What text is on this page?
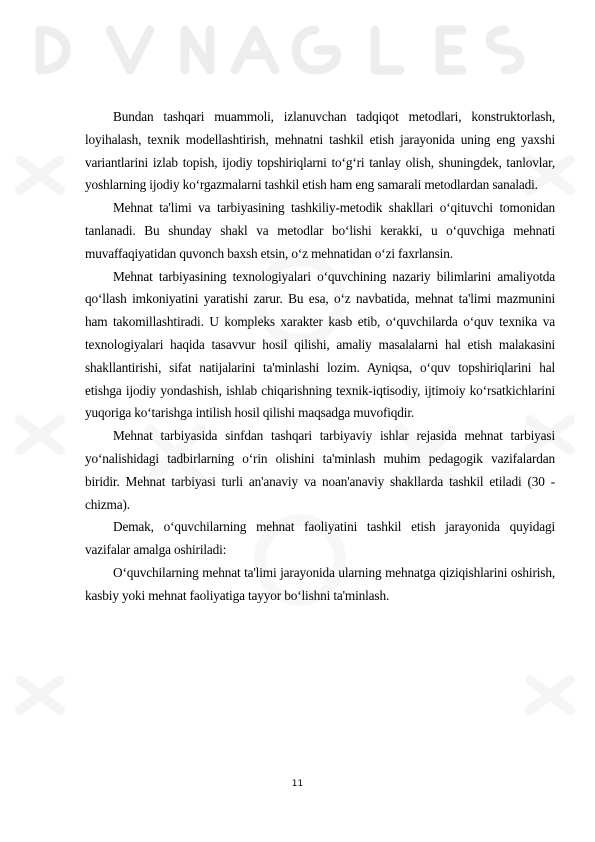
Bundan tashqari muammoli, izlanuvchan tadqiqot metodlari, konstruktorlash, loyihalash, texnik modellashtirish, mehnatni tashkil etish jarayonida uning eng yaxshi variantlarini izlab topish, ijodiy topshiriqlarni to‘g‘ri tanlay olish, shuningdek, tanlovlar, yoshlarning ijodiy ko‘rgazmalarni tashkil etish ham eng samarali metodlardan sanaladi.

Mehnat ta'limi va tarbiyasining tashkiliy-metodik shakllari o‘qituvchi tomonidan tanlanadi. Bu shunday shakl va metodlar bo‘lishi kerakki, u o‘quvchiga mehnati muvaffaqiyatidan quvonch baxsh etsin, o‘z mehnatidan o‘zi faxrlansin.

Mehnat tarbiyasining texnologiyalari o‘quvchining nazariy bilimlarini amaliyotda qo‘llash imkoniyatini yaratishi zarur. Bu esa, o‘z navbatida, mehnat ta'limi mazmunini ham takomillashtiradi. U kompleks xarakter kasb etib, o‘quvchilarda o‘quv texnika va texnologiyalari haqida tasavvur hosil qilishi, amaliy masalalarni hal etish malakasini shakllantirishi, sifat natijalarini ta'minlashi lozim. Ayniqsa, o‘quv topshiriqlarini hal etishga ijodiy yondashish, ishlab chiqarishning texnik-iqtisodiy, ijtimoiy ko‘rsatkichlarini yuqoriga ko‘tarishga intilish hosil qilishi maqsadga muvofiqdir.

Mehnat tarbiyasida sinfdan tashqari tarbiyaviy ishlar rejasida mehnat tarbiyasi yo‘nalishidagi tadbirlarning o‘rin olishini ta'minlash muhim pedagogik vazifalardan biridir. Mehnat tarbiyasi turli an'anaviy va noan'anaviy shakllarda tashkil etiladi (30 - chizma).

Demak, o‘quvchilarning mehnat faoliyatini tashkil etish jarayonida quyidagi vazifalar amalga oshiriladi:

O‘quvchilarning mehnat ta'limi jarayonida ularning mehnatga qiziqishlarini oshirish, kasbiy yoki mehnat faoliyatiga tayyor bo‘lishni ta'minlash.

11
